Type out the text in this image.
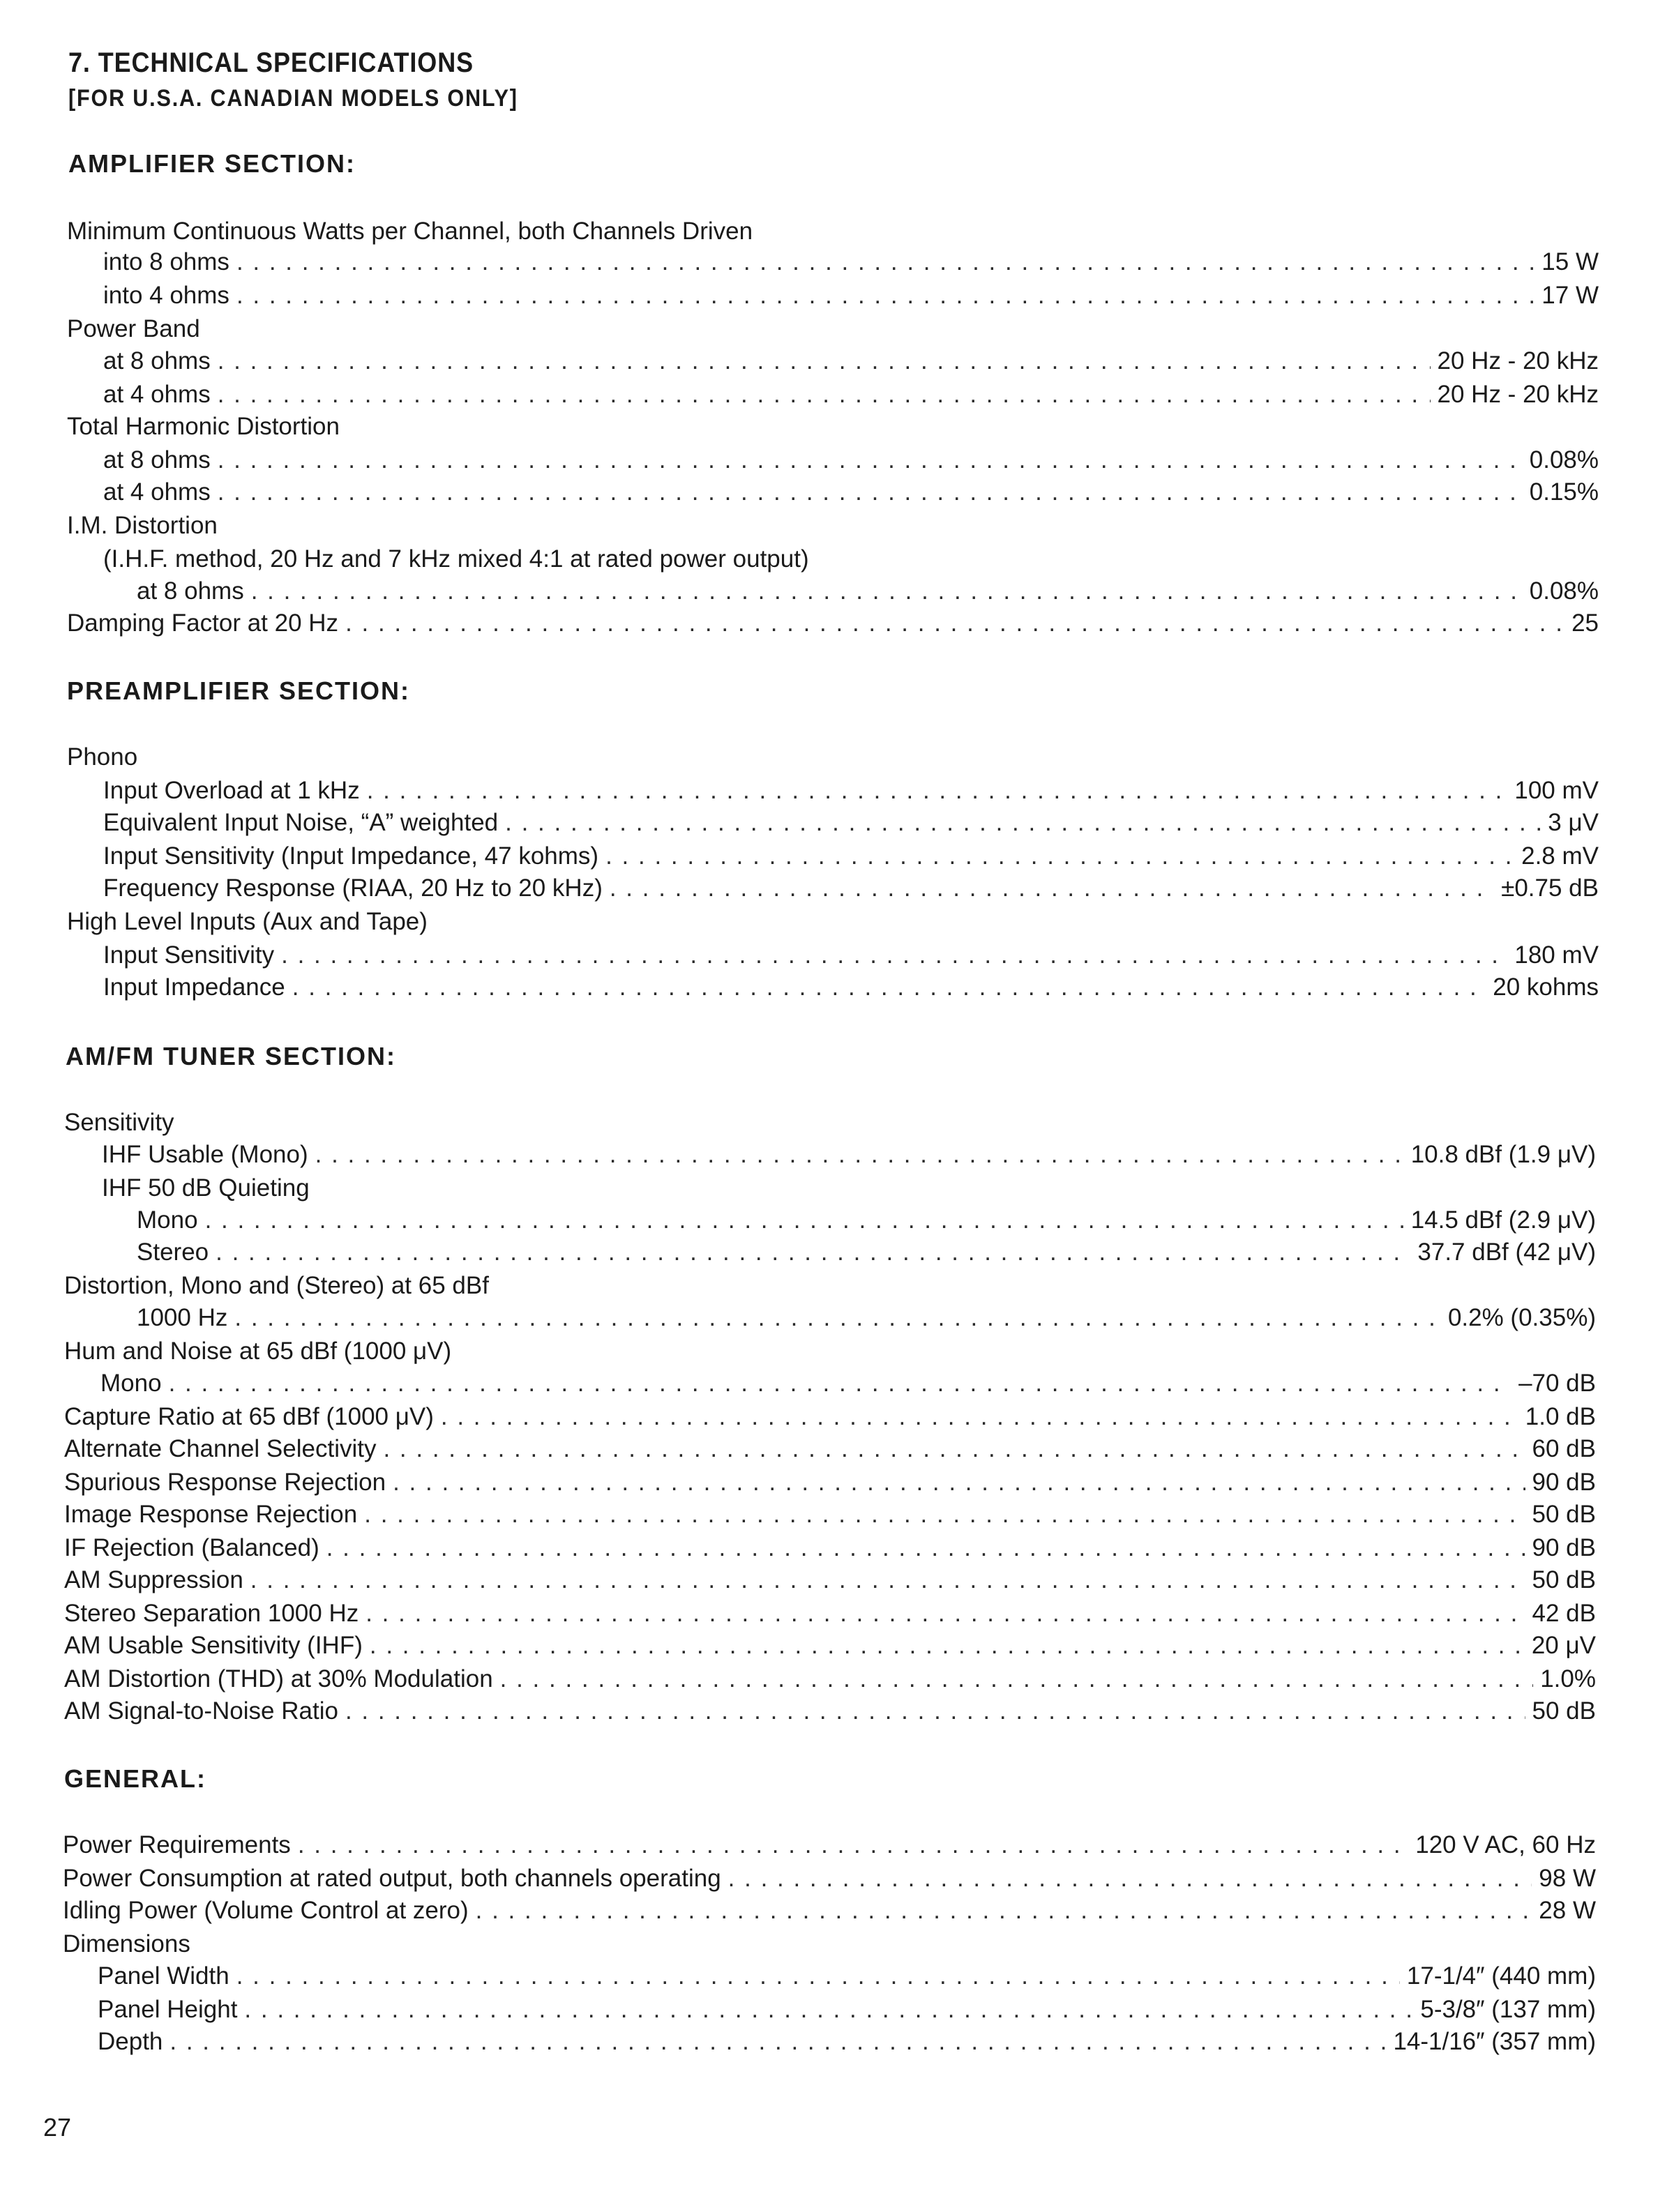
7. TECHNICAL SPECIFICATIONS
[FOR U.S.A. CANADIAN MODELS ONLY]
AMPLIFIER SECTION:
Minimum Continuous Watts per Channel, both Channels Driven
into 8 ohms . . .	15 W
into 4 ohms . . .	17 W
Power Band
at 8 ohms . . .	20 Hz - 20 kHz
at 4 ohms . . .	20 Hz - 20 kHz
Total Harmonic Distortion
at 8 ohms . . .	0.08%
at 4 ohms . . .	0.15%
I.M. Distortion
(I.H.F. method, 20 Hz and 7 kHz mixed 4:1 at rated power output)
at 8 ohms . . .	0.08%
Damping Factor at 20 Hz . . .	25
PREAMPLIFIER SECTION:
Phono
Input Overload at 1 kHz . . .	100 mV
Equivalent Input Noise, “A” weighted . . .	3 μV
Input Sensitivity (Input Impedance, 47 kohms) . . .	2.8 mV
Frequency Response (RIAA, 20 Hz to 20 kHz) . . .	±0.75 dB
High Level Inputs (Aux and Tape)
Input Sensitivity . . .	180 mV
Input Impedance . . .	20 kohms
AM/FM TUNER SECTION:
Sensitivity
IHF Usable (Mono) . . .	10.8 dBf (1.9 μV)
IHF 50 dB Quieting
Mono . . .	14.5 dBf (2.9 μV)
Stereo . . .	37.7 dBf (42 μV)
Distortion, Mono and (Stereo) at 65 dBf
1000 Hz . . .	0.2% (0.35%)
Hum and Noise at 65 dBf (1000 μV)
Mono . . .	–70 dB
Capture Ratio at 65 dBf (1000 μV) . . .	1.0 dB
Alternate Channel Selectivity . . .	60 dB
Spurious Response Rejection . . .	90 dB
Image Response Rejection . . .	50 dB
IF Rejection (Balanced) . . .	90 dB
AM Suppression . . .	50 dB
Stereo Separation 1000 Hz . . .	42 dB
AM Usable Sensitivity (IHF) . . .	20 μV
AM Distortion (THD) at 30% Modulation . . .	1.0%
AM Signal-to-Noise Ratio . . .	50 dB
GENERAL:
Power Requirements . . .	120 V AC, 60 Hz
Power Consumption at rated output, both channels operating . . .	98 W
Idling Power (Volume Control at zero) . . .	28 W
Dimensions
Panel Width . . .	17-1/4″ (440 mm)
Panel Height . . .	5-3/8″ (137 mm)
Depth . . .	14-1/16″ (357 mm)
27
